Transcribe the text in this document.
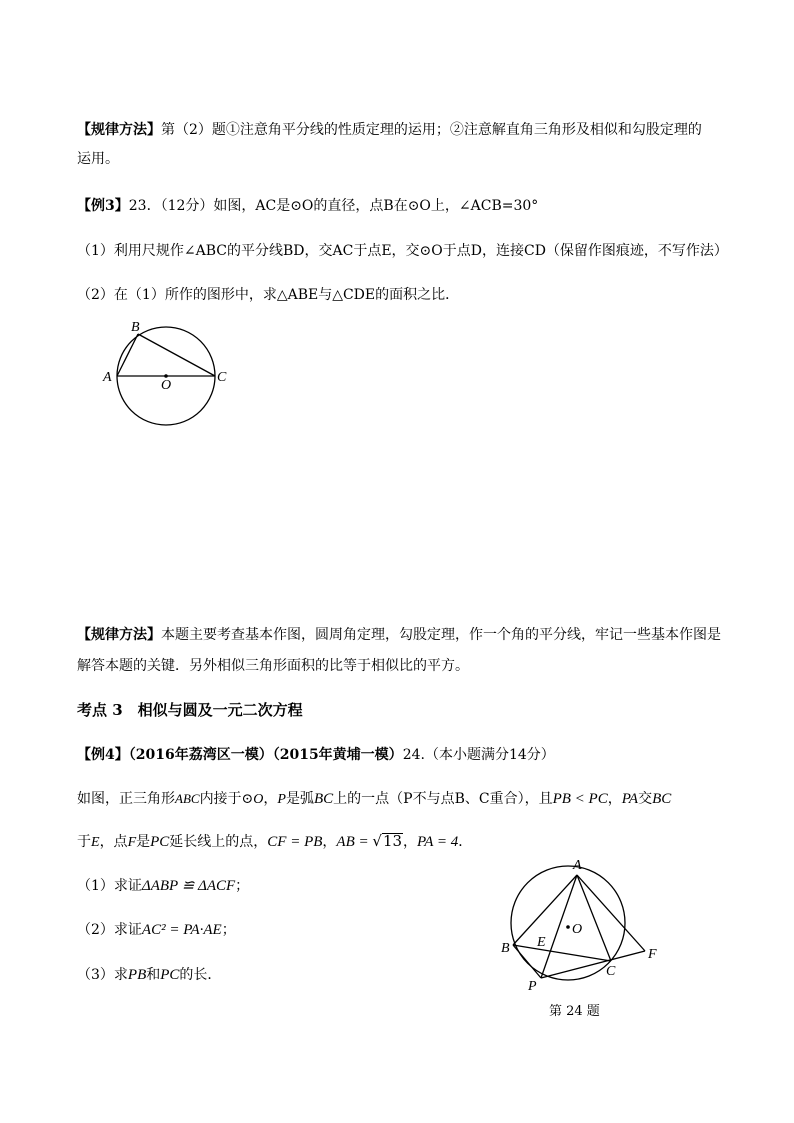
【规律方法】第（2）题①注意角平分线的性质定理的运用；②注意解直角三角形及相似和勾股定理的
运用。
【例3】23．（12分）如图，AC是⊙O的直径，点B在⊙O上，∠ACB=30°
（1）利用尺规作∠ABC的平分线BD，交AC于点E，交⊙O于点D，连接CD（保留作图痕迹，不写作法）
（2）在（1）所作的图形中，求△ABE与△CDE的面积之比．
A
B
C
O
【规律方法】本题主要考查基本作图，圆周角定理，勾股定理，作一个角的平分线，牢记一些基本作图是
解答本题的关键．另外相似三角形面积的比等于相似比的平方。
考点 3　相似与圆及一元二次方程
【例4】（2016年荔湾区一模）（2015年黄埔一模）24.（本小题满分14分）
如图，正三角形ABC内接于⊙O，P是弧BC上的一点（P不与点B、C重合），且PB < PC，PA交BC
于E，点F是PC延长线上的点，CF = PB，AB = √13，PA = 4．
（1）求证ΔABP ≌ ΔACF；
（2）求证AC² = PA·AE；
（3）求PB和PC的长．
A
B
C
E
F
P
O
第 24 题
